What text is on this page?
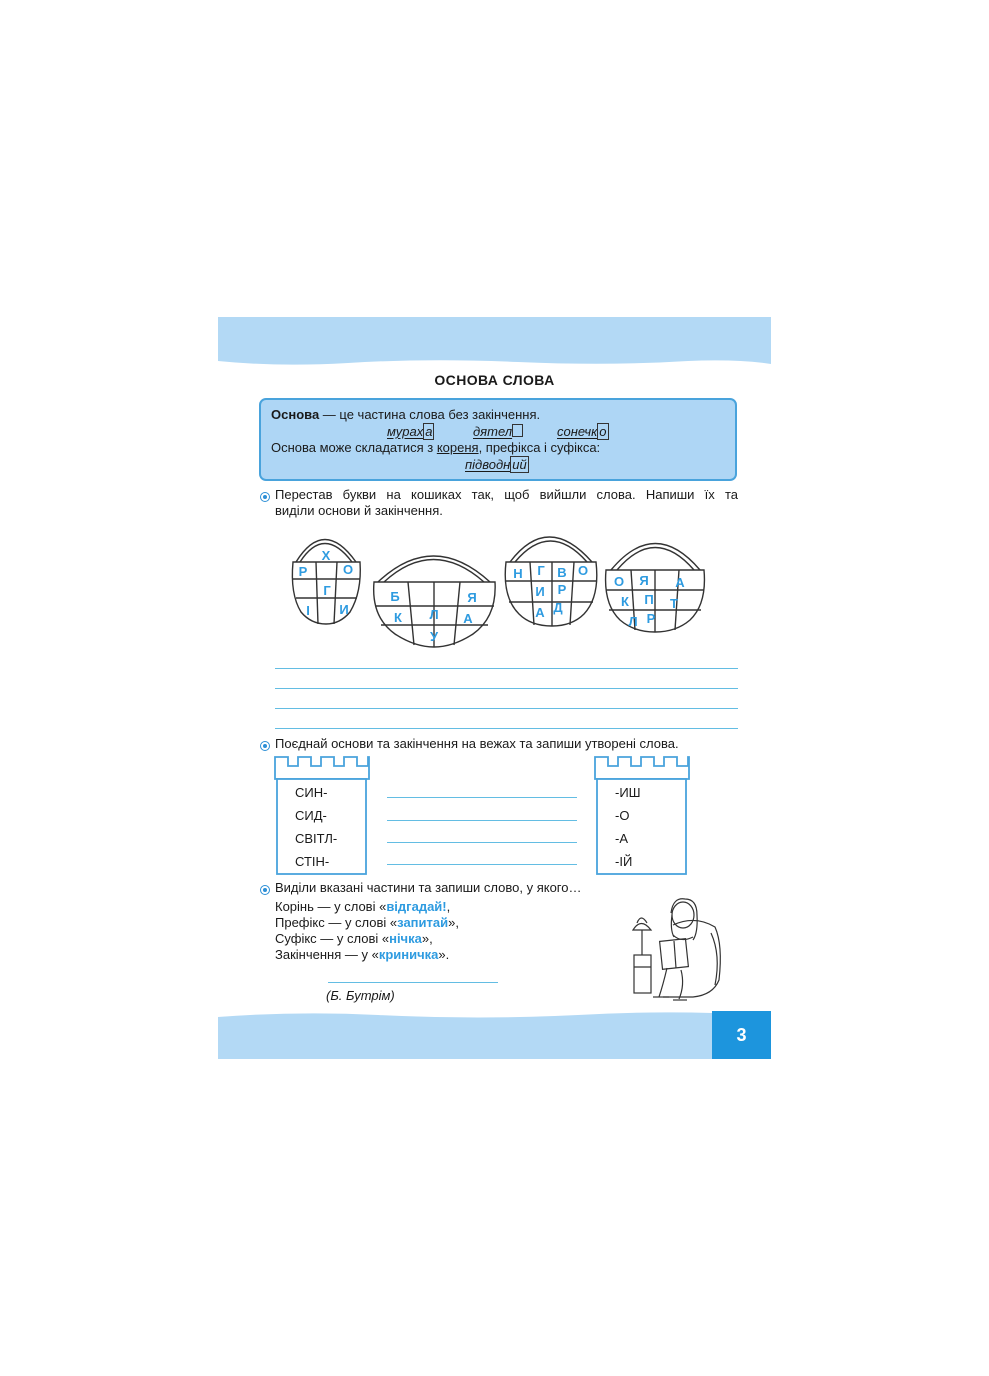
ОСНОВА СЛОВА
Основа — це частина слова без закінчення.
мурах а	дятел	сонечк о
Основа може складатися з кореня, префікса і суфікса:
підводн ий
Перестав букви на кошиках так, щоб вийшли слова. Напиши їх та
виділи основи й закінчення.
Р
Х
О
Г
І И
Б	Я
К Л А
У
Н Г В О
И Р
А Д
О Я А
К П Т
Л Р
Поєднай основи та закінчення на вежах та запиши утворені слова.
СИН-
СИД-
СВІТЛ-
СТІН-
-ИШ
-О
-А
-ІЙ
Виділи вказані частини та запиши слово, у якого…
Корінь — у слові «відгадай!,
Префікс — у слові «запитай»,
Суфікс — у слові «нічка»,
Закінчення — у «криничка».
(Б. Бутрім)
3
